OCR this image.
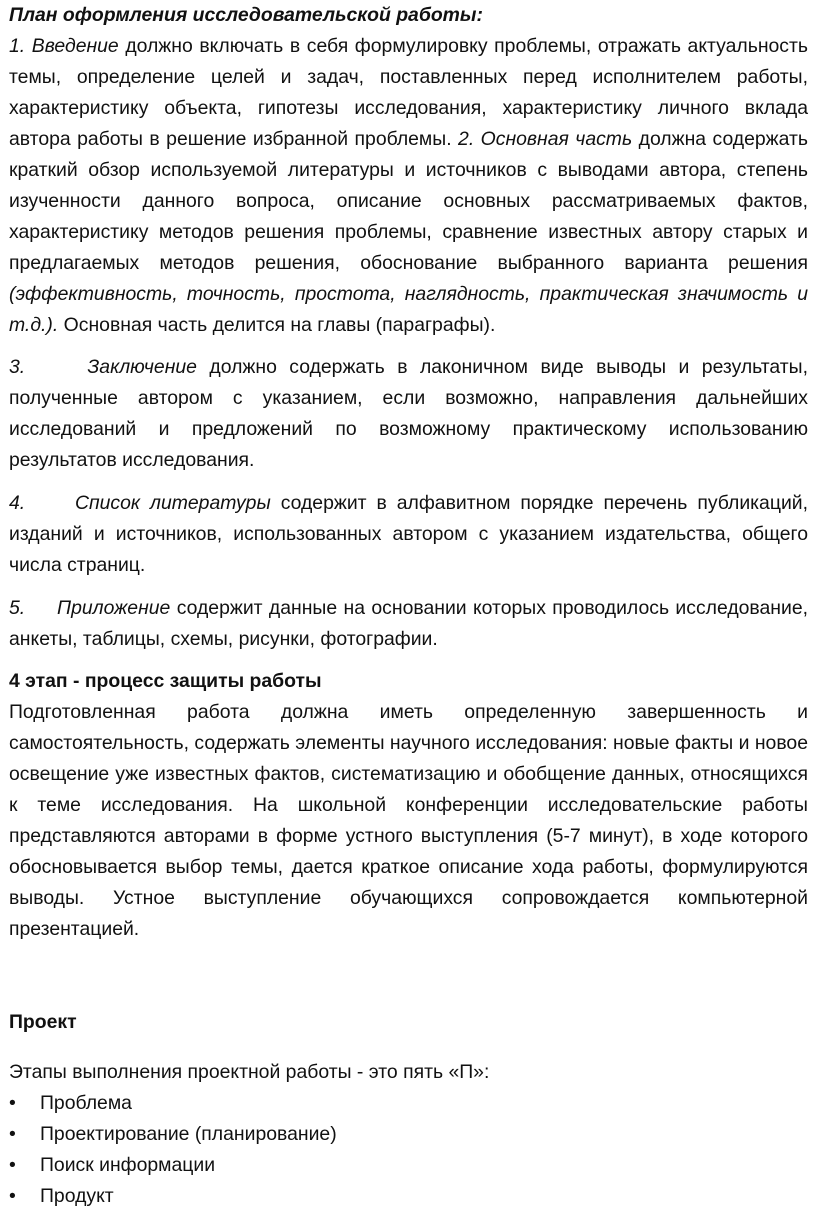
План оформления исследовательской работы:

1. Введение должно включать в себя формулировку проблемы, отражать актуальность темы, определение целей и задач, поставленных перед исполнителем работы, характеристику объекта, гипотезы исследования, характеристику личного вклада автора работы в решение избранной проблемы. 2. Основная часть должна содержать краткий обзор используемой литературы и источников с выводами автора, степень изученности данного вопроса, описание основных рассматриваемых фактов, характеристику методов решения проблемы, сравнение известных автору старых и предлагаемых методов решения, обоснование выбранного варианта решения (эффективность, точность, простота, наглядность, практическая значимость и т.д.). Основная часть делится на главы (параграфы).

3.	Заключение должно содержать в лаконичном виде выводы и результаты, полученные автором с указанием, если возможно, направления дальнейших исследований и предложений по возможному практическому использованию результатов исследования.

4.	Список литературы содержит в алфавитном порядке перечень публикаций, изданий и источников, использованных автором с указанием издательства, общего числа страниц.

5. Приложение содержит данные на основании которых проводилось исследование, анкеты, таблицы, схемы, рисунки, фотографии.

4 этап - процесс защиты работы

Подготовленная работа должна иметь определенную завершенность и самостоятельность, содержать элементы научного исследования: новые факты и новое освещение уже известных фактов, систематизацию и обобщение данных, относящихся к теме исследования. На школьной конференции исследовательские работы представляются авторами в форме устного выступления (5-7 минут), в ходе которого обосновывается выбор темы, дается краткое описание хода работы, формулируются выводы. Устное выступление обучающихся сопровождается компьютерной презентацией.

Проект

Этапы выполнения проектной работы - это пять «П»:

• Проблема
• Проектирование (планирование)
• Поиск информации
• Продукт
